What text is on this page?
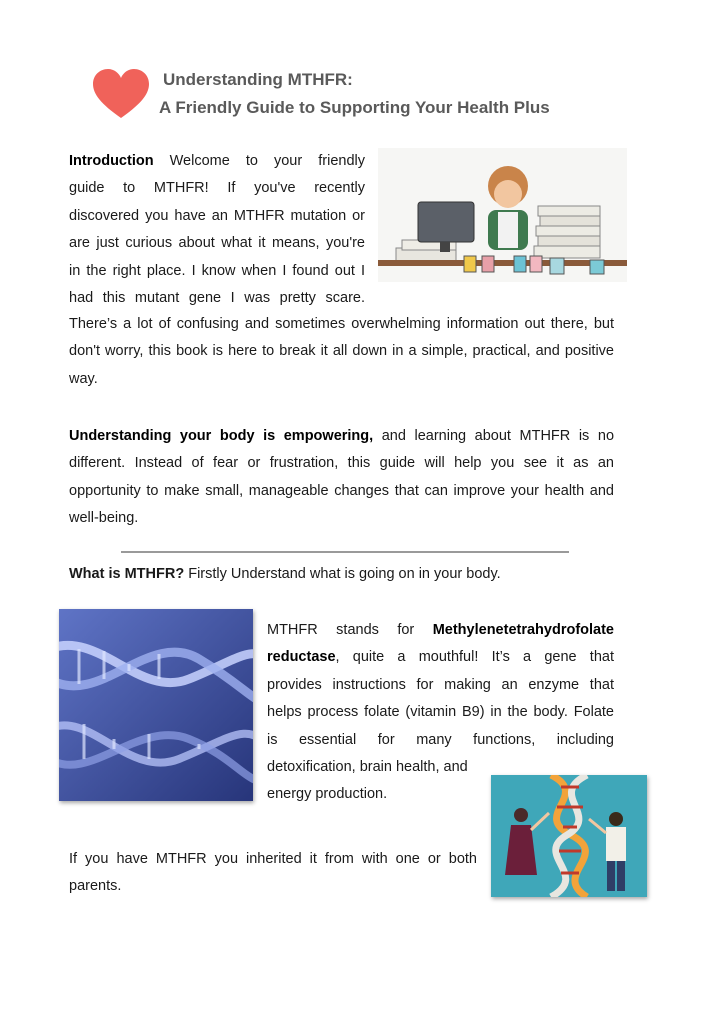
Understanding MTHFR:
A Friendly Guide to Supporting Your Health Plus
Introduction Welcome to your friendly
guide to MTHFR! If you've recently
discovered you have an MTHFR mutation or
are just curious about what it means, you're
in the right place. I know when I found out I
had this mutant gene I was pretty scare.
There’s a lot of confusing and sometimes overwhelming information out there, but don't worry, this book is here to break it all down in a simple, practical, and positive way.
Understanding your body is empowering, and learning about MTHFR is no different. Instead of fear or frustration, this guide will help you see it as an opportunity to make small, manageable changes that can improve your health and well-being.
What is MTHFR? Firstly Understand what is going on in your body.
MTHFR stands for Methylenetetrahydrofolate
reductase, quite a mouthful! It’s a gene that
provides instructions for making an enzyme that
helps process folate (vitamin B9) in the body. Folate
is essential for many functions, including
detoxification, brain health, and
energy production.
If you have MTHFR you inherited it from with one or both
parents.
